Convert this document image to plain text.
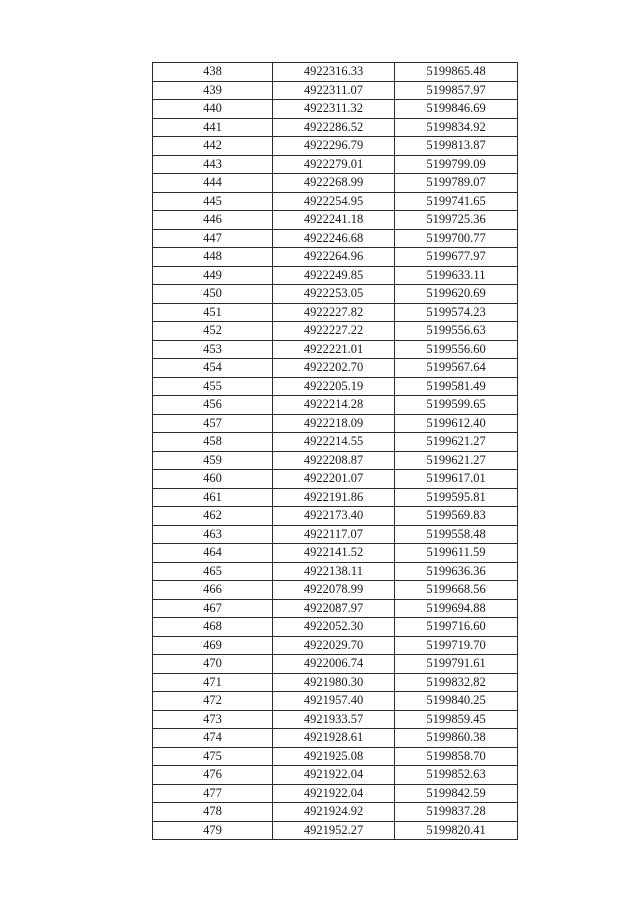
438	4922316.33	5199865.48
439	4922311.07	5199857.97
440	4922311.32	5199846.69
441	4922286.52	5199834.92
442	4922296.79	5199813.87
443	4922279.01	5199799.09
444	4922268.99	5199789.07
445	4922254.95	5199741.65
446	4922241.18	5199725.36
447	4922246.68	5199700.77
448	4922264.96	5199677.97
449	4922249.85	5199633.11
450	4922253.05	5199620.69
451	4922227.82	5199574.23
452	4922227.22	5199556.63
453	4922221.01	5199556.60
454	4922202.70	5199567.64
455	4922205.19	5199581.49
456	4922214.28	5199599.65
457	4922218.09	5199612.40
458	4922214.55	5199621.27
459	4922208.87	5199621.27
460	4922201.07	5199617.01
461	4922191.86	5199595.81
462	4922173.40	5199569.83
463	4922117.07	5199558.48
464	4922141.52	5199611.59
465	4922138.11	5199636.36
466	4922078.99	5199668.56
467	4922087.97	5199694.88
468	4922052.30	5199716.60
469	4922029.70	5199719.70
470	4922006.74	5199791.61
471	4921980.30	5199832.82
472	4921957.40	5199840.25
473	4921933.57	5199859.45
474	4921928.61	5199860.38
475	4921925.08	5199858.70
476	4921922.04	5199852.63
477	4921922.04	5199842.59
478	4921924.92	5199837.28
479	4921952.27	5199820.41
